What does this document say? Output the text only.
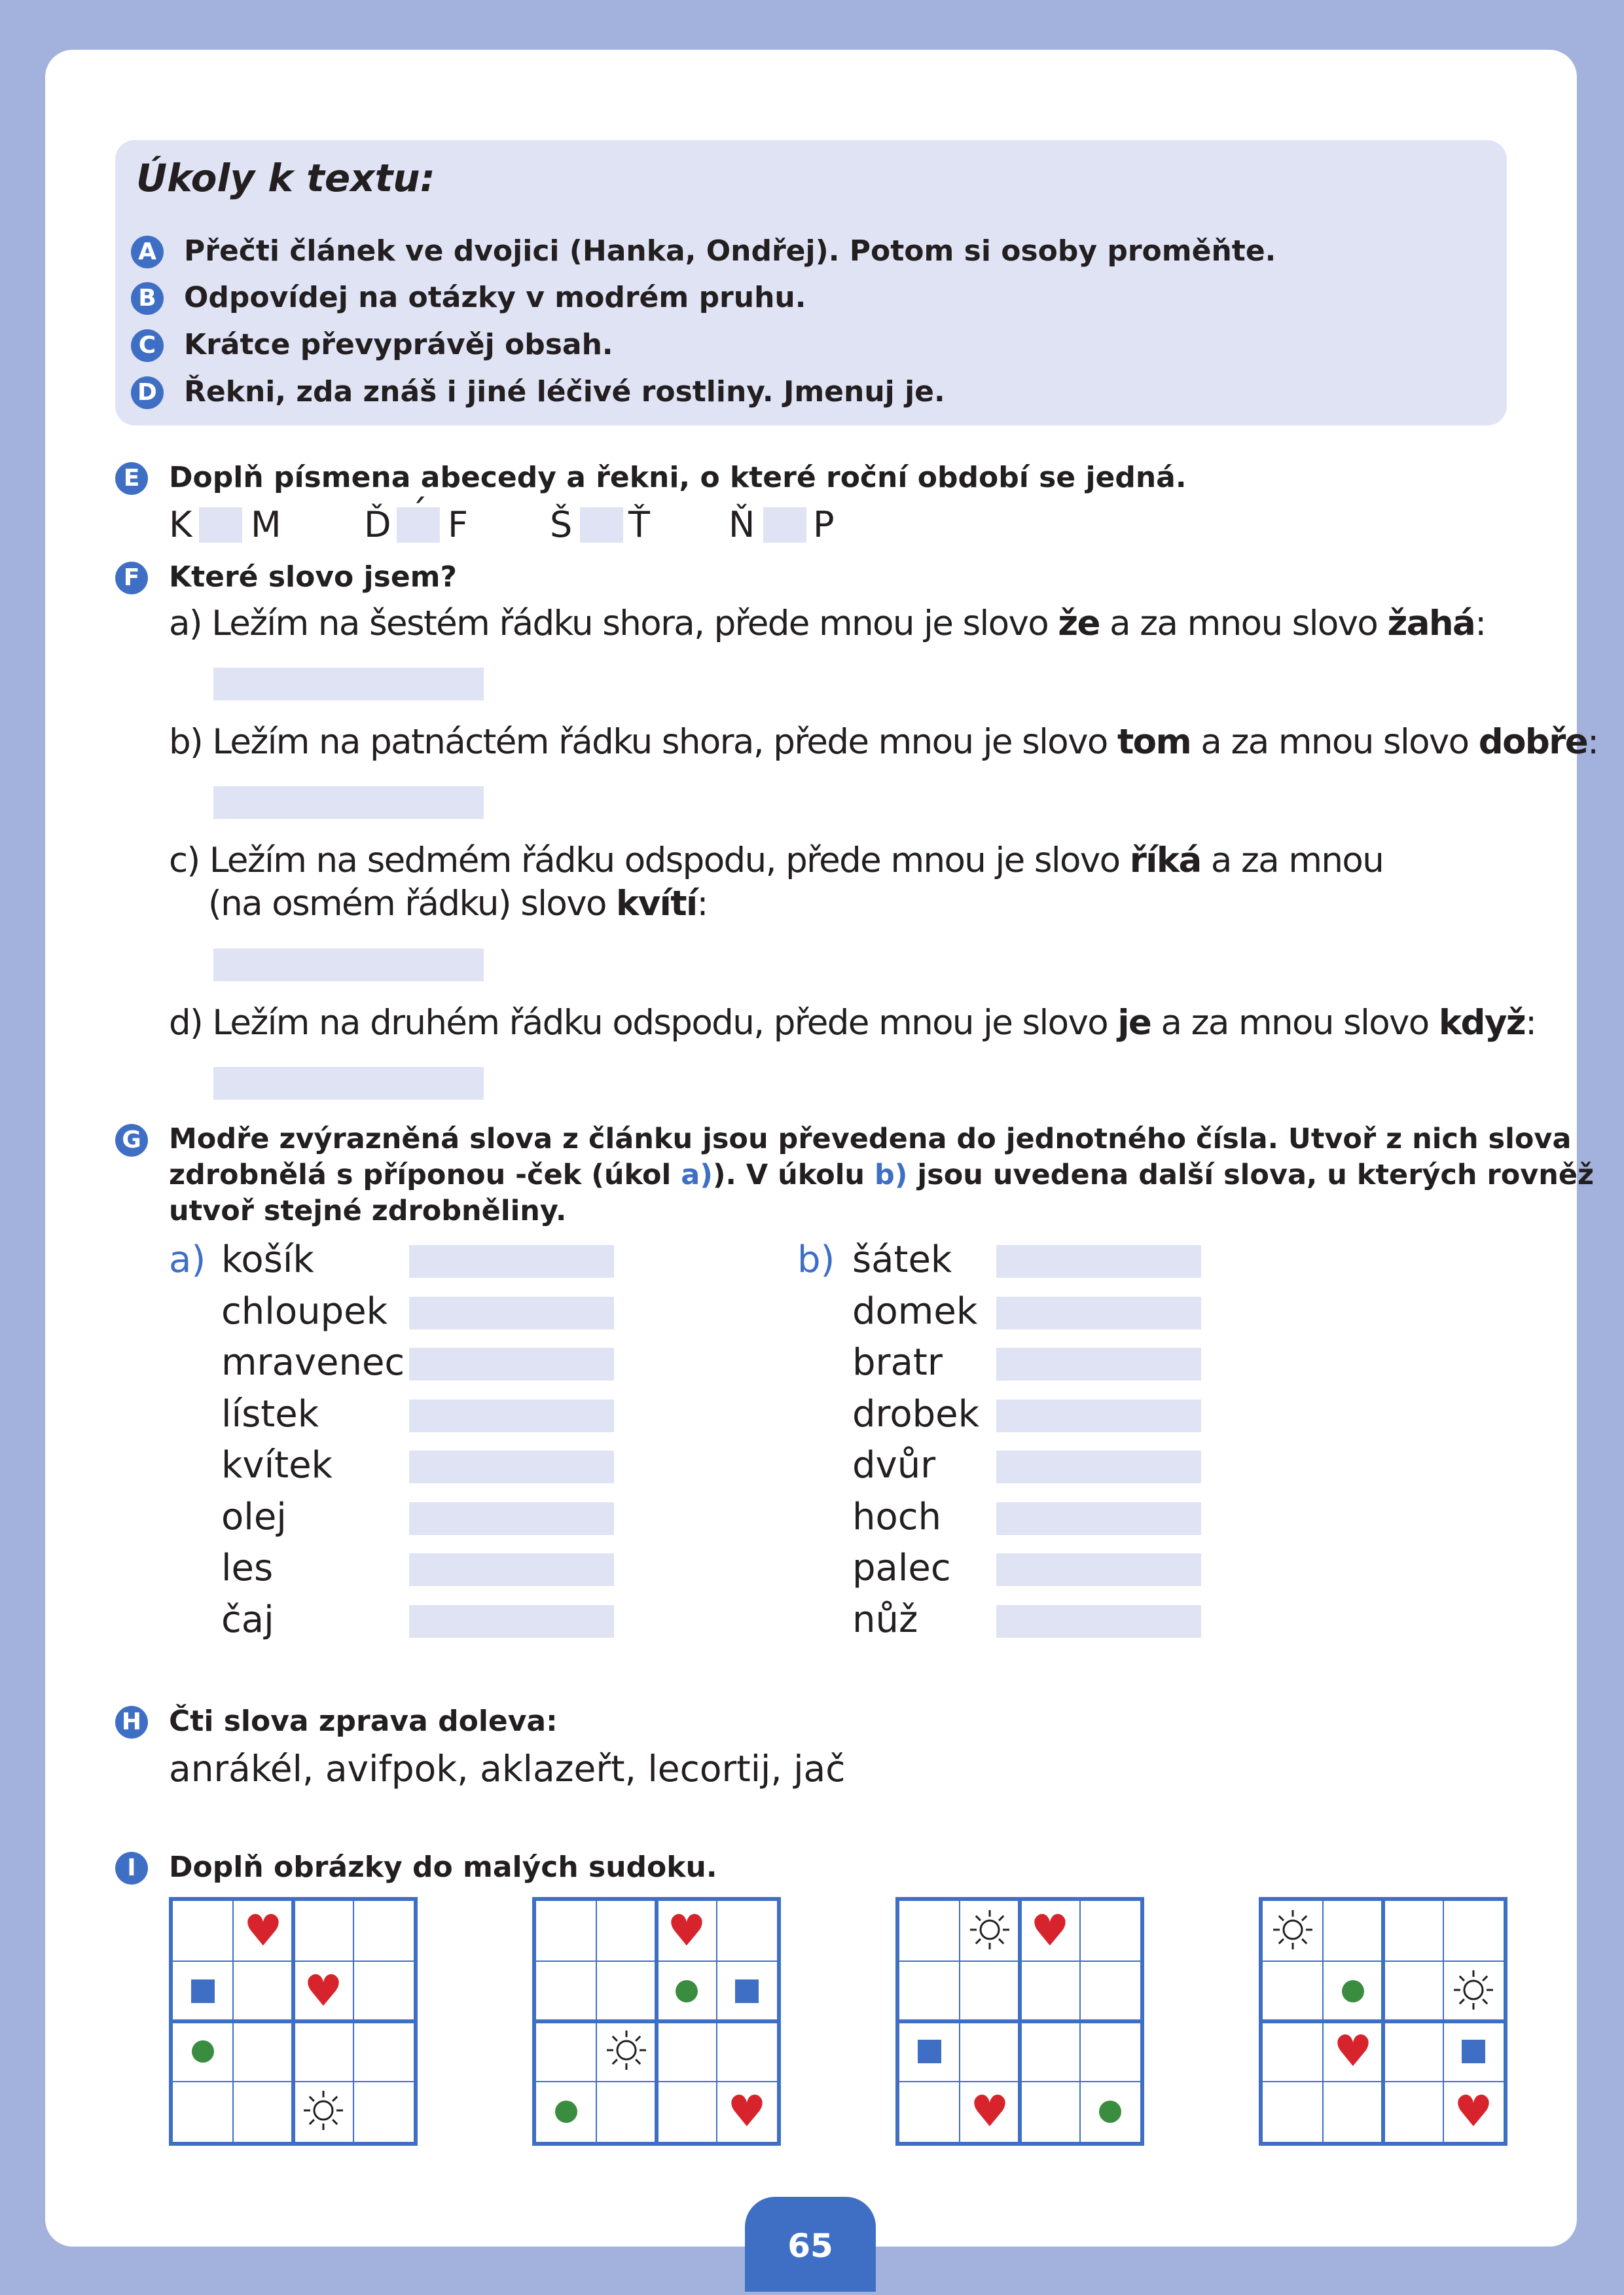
Úkoly k textu:
A Přečti článek ve dvojici (Hanka, Ondřej). Potom si osoby proměňte.
B Odpovídej na otázky v modrém pruhu.
C Krátce převyprávěj obsah.
D Řekni, zda znáš i jiné léčivé rostliny. Jmenuj je.
E Doplň písmena abecedy a řekni, o které roční období se jedná.
K M Ď ´ F Š Ť Ň P
F Které slovo jsem?
a) Ležím na šestém řádku shora, přede mnou je slovo že a za mnou slovo žahá:
b) Ležím na patnáctém řádku shora, přede mnou je slovo tom a za mnou slovo dobře:
c) Ležím na sedmém řádku odspodu, přede mnou je slovo říká a za mnou
(na osmém řádku) slovo kvítí:
d) Ležím na druhém řádku odspodu, přede mnou je slovo je a za mnou slovo když:
G Modře zvýrazněná slova z článku jsou převedena do jednotného čísla. Utvoř z nich slova
zdrobnělá s příponou -ček (úkol a)). V úkolu b) jsou uvedena další slova, u kterých rovněž
utvoř stejné zdrobněliny.
a)	b)
košík
chloupek
mravenec
lístek
kvítek
olej
les
čaj
šátek
domek
bratr
drobek
dvůr
hoch
palec
nůž
H Čti slova zprava doleva:
anrákél, avifpok, aklazeřt, lecortij, jač
I	Doplň obrázky do malých sudoku.
♥
♥
♥
♥
♥
♥
♥
♥
65
